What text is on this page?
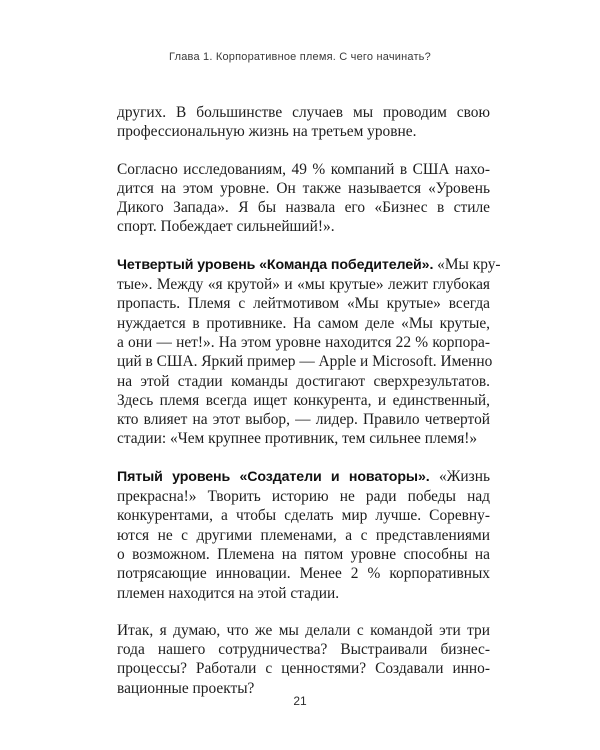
Глава 1. Корпоративное племя. С чего начинать?

других. В большинстве случаев мы проводим свою
профессиональную жизнь на третьем уровне.

Согласно исследованиям, 49 % компаний в США нахо-
дится на этом уровне. Он также называется «Уровень
Дикого Запада». Я бы назвала его «Бизнес в стиле
спорт. Побеждает сильнейший!».

Четвертый уровень «Команда победителей». «Мы кру-
тые». Между «я крутой» и «мы крутые» лежит глубокая
пропасть. Племя с лейтмотивом «Мы крутые» всегда
нуждается в противнике. На самом деле «Мы крутые,
а они — нет!». На этом уровне находится 22 % корпора-
ций в США. Яркий пример — Apple и Microsoft. Именно
на этой стадии команды достигают сверхрезультатов.
Здесь племя всегда ищет конкурента, и единственный,
кто влияет на этот выбор, — лидер. Правило четвертой
стадии: «Чем крупнее противник, тем сильнее племя!»

Пятый уровень «Создатели и новаторы». «Жизнь
прекрасна!» Творить историю не ради победы над
конкурентами, а чтобы сделать мир лучше. Соревну-
ются не с другими племенами, а с представлениями
о возможном. Племена на пятом уровне способны на
потрясающие инновации. Менее 2 % корпоративных
племен находится на этой стадии.

Итак, я думаю, что же мы делали с командой эти три
года нашего сотрудничества? Выстраивали бизнес-
процессы? Работали с ценностями? Создавали инно-
вационные проекты?

21
